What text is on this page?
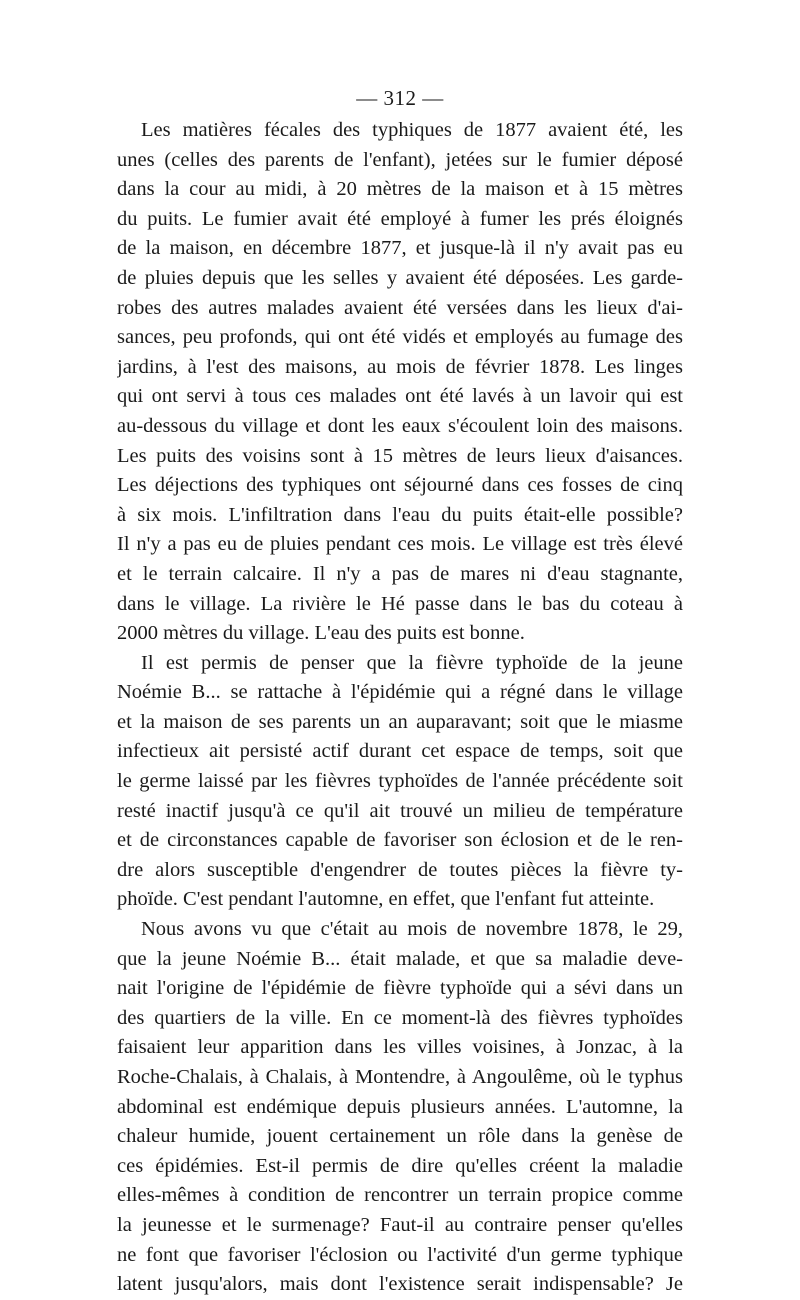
— 312 —
Les matières fécales des typhiques de 1877 avaient été, les
unes (celles des parents de l'enfant), jetées sur le fumier déposé
dans la cour au midi, à 20 mètres de la maison et à 15 mètres
du puits. Le fumier avait été employé à fumer les prés éloignés
de la maison, en décembre 1877, et jusque-là il n'y avait pas eu
de pluies depuis que les selles y avaient été déposées. Les garde-
robes des autres malades avaient été versées dans les lieux d'ai-
sances, peu profonds, qui ont été vidés et employés au fumage des
jardins, à l'est des maisons, au mois de février 1878. Les linges
qui ont servi à tous ces malades ont été lavés à un lavoir qui est
au-dessous du village et dont les eaux s'écoulent loin des maisons.
Les puits des voisins sont à 15 mètres de leurs lieux d'aisances.
Les déjections des typhiques ont séjourné dans ces fosses de cinq
à six mois. L'infiltration dans l'eau du puits était-elle possible?
Il n'y a pas eu de pluies pendant ces mois. Le village est très élevé
et le terrain calcaire. Il n'y a pas de mares ni d'eau stagnante,
dans le village. La rivière le Hé passe dans le bas du coteau à
2000 mètres du village. L'eau des puits est bonne.
Il est permis de penser que la fièvre typhoïde de la jeune
Noémie B... se rattache à l'épidémie qui a régné dans le village
et la maison de ses parents un an auparavant; soit que le miasme
infectieux ait persisté actif durant cet espace de temps, soit que
le germe laissé par les fièvres typhoïdes de l'année précédente soit
resté inactif jusqu'à ce qu'il ait trouvé un milieu de température
et de circonstances capable de favoriser son éclosion et de le ren-
dre alors susceptible d'engendrer de toutes pièces la fièvre ty-
phoïde. C'est pendant l'automne, en effet, que l'enfant fut atteinte.
Nous avons vu que c'était au mois de novembre 1878, le 29,
que la jeune Noémie B... était malade, et que sa maladie deve-
nait l'origine de l'épidémie de fièvre typhoïde qui a sévi dans un
des quartiers de la ville. En ce moment-là des fièvres typhoïdes
faisaient leur apparition dans les villes voisines, à Jonzac, à la
Roche-Chalais, à Chalais, à Montendre, à Angoulême, où le typhus
abdominal est endémique depuis plusieurs années. L'automne, la
chaleur humide, jouent certainement un rôle dans la genèse de
ces épidémies. Est-il permis de dire qu'elles créent la maladie
elles-mêmes à condition de rencontrer un terrain propice comme
la jeunesse et le surmenage? Faut-il au contraire penser qu'elles
ne font que favoriser l'éclosion ou l'activité d'un germe typhique
latent jusqu'alors, mais dont l'existence serait indispensable? Je
